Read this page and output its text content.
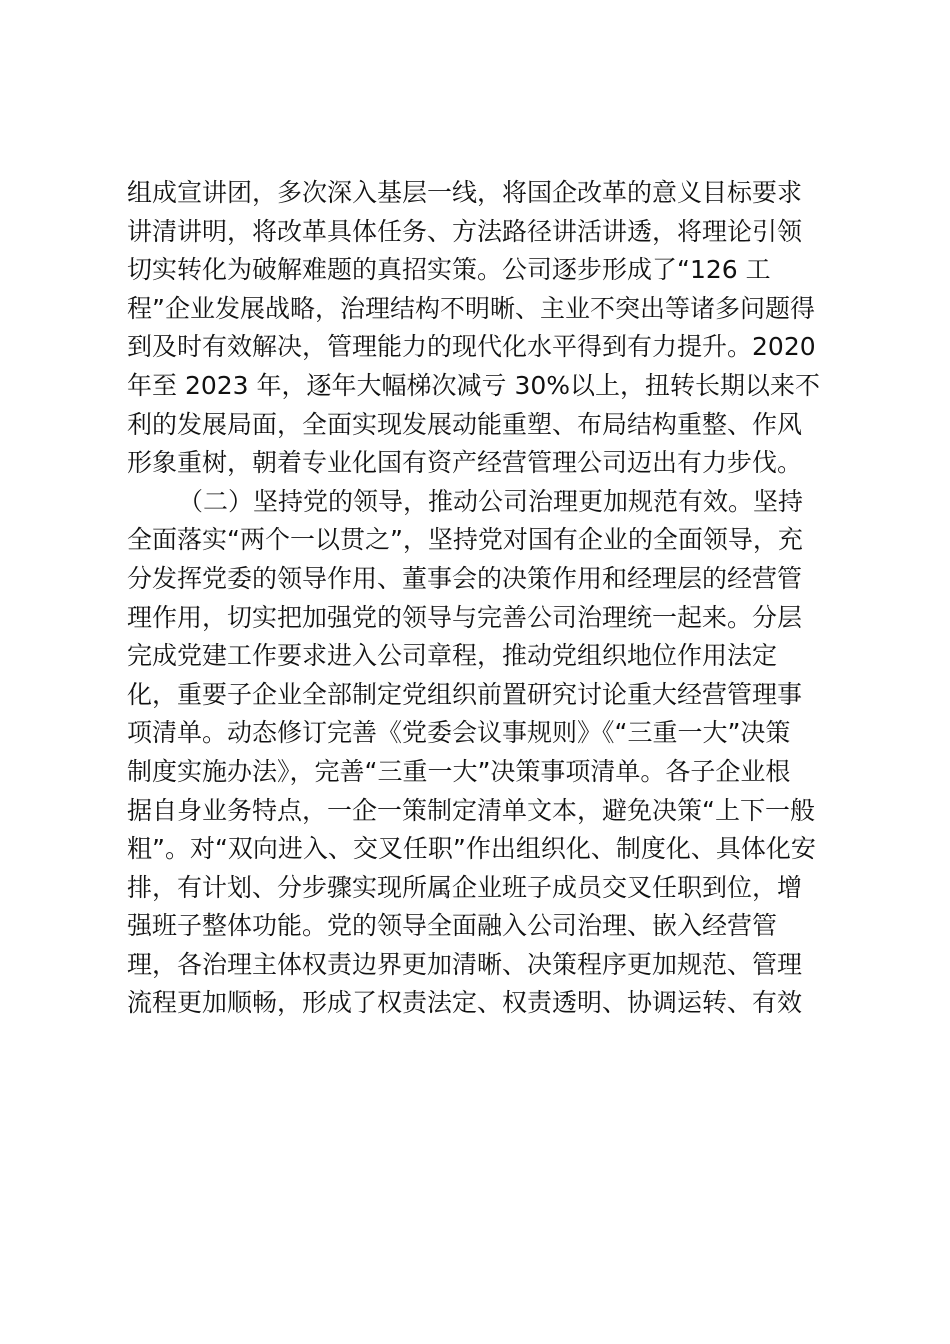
组成宣讲团，多次深入基层一线，将国企改革的意义目标要求
讲清讲明，将改革具体任务、方法路径讲活讲透，将理论引领
切实转化为破解难题的真招实策。公司逐步形成了“126 工
程”企业发展战略，治理结构不明晰、主业不突出等诸多问题得
到及时有效解决，管理能力的现代化水平得到有力提升。2020
年至 2023 年，逐年大幅梯次减亏 30%以上，扭转长期以来不
利的发展局面，全面实现发展动能重塑、布局结构重整、作风
形象重树，朝着专业化国有资产经营管理公司迈出有力步伐。
（二）坚持党的领导，推动公司治理更加规范有效。坚持
全面落实“两个一以贯之”，坚持党对国有企业的全面领导，充
分发挥党委的领导作用、董事会的决策作用和经理层的经营管
理作用，切实把加强党的领导与完善公司治理统一起来。分层
完成党建工作要求进入公司章程，推动党组织地位作用法定
化，重要子企业全部制定党组织前置研究讨论重大经营管理事
项清单。动态修订完善《党委会议事规则》《“三重一大”决策
制度实施办法》，完善“三重一大”决策事项清单。各子企业根
据自身业务特点，一企一策制定清单文本，避免决策“上下一般
粗”。对“双向进入、交叉任职”作出组织化、制度化、具体化安
排，有计划、分步骤实现所属企业班子成员交叉任职到位，增
强班子整体功能。党的领导全面融入公司治理、嵌入经营管
理，各治理主体权责边界更加清晰、决策程序更加规范、管理
流程更加顺畅，形成了权责法定、权责透明、协调运转、有效
